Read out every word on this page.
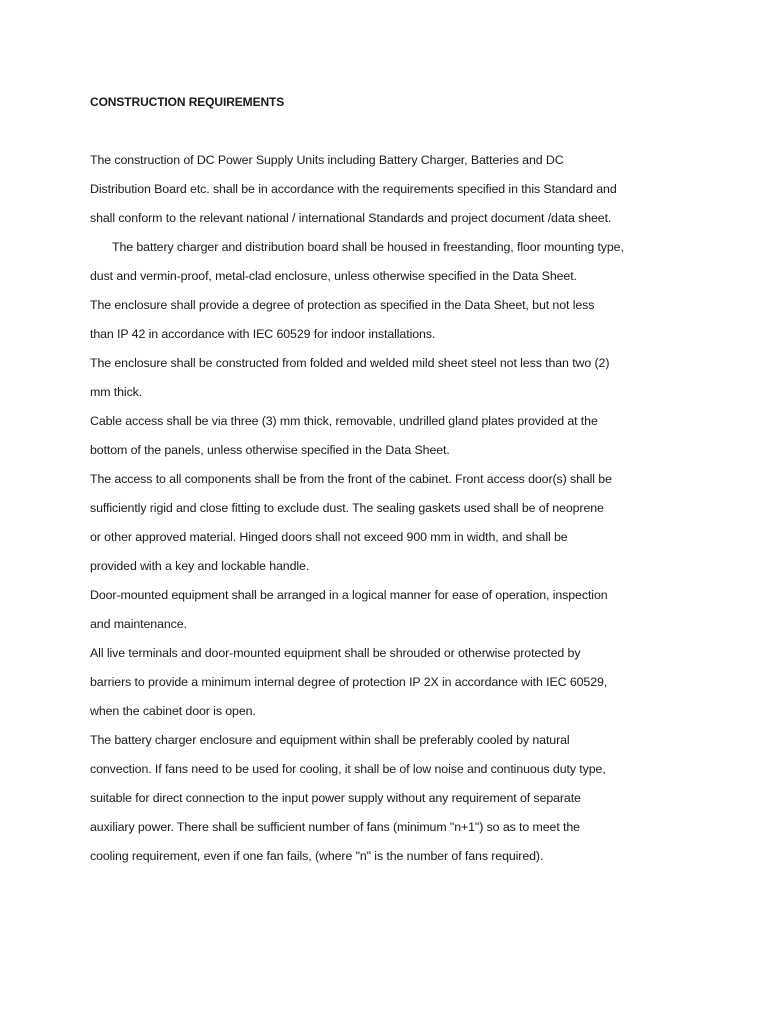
CONSTRUCTION REQUIREMENTS

The construction of DC Power Supply Units including Battery Charger, Batteries and DC
Distribution Board etc. shall be in accordance with the requirements specified in this Standard and
shall conform to the relevant national / international Standards and project document /data sheet.

The battery charger and distribution board shall be housed in freestanding, floor mounting type,
dust and vermin-proof, metal-clad enclosure, unless otherwise specified in the Data Sheet.

The enclosure shall provide a degree of protection as specified in the Data Sheet, but not less
than IP 42 in accordance with IEC 60529 for indoor installations.

The enclosure shall be constructed from folded and welded mild sheet steel not less than two (2)
mm thick.

Cable access shall be via three (3) mm thick, removable, undrilled gland plates provided at the
bottom of the panels, unless otherwise specified in the Data Sheet.

The access to all components shall be from the front of the cabinet. Front access door(s) shall be
sufficiently rigid and close fitting to exclude dust. The sealing gaskets used shall be of neoprene
or other approved material. Hinged doors shall not exceed 900 mm in width, and shall be
provided with a key and lockable handle.

Door-mounted equipment shall be arranged in a logical manner for ease of operation, inspection
and maintenance.

All live terminals and door-mounted equipment shall be shrouded or otherwise protected by
barriers to provide a minimum internal degree of protection IP 2X in accordance with IEC 60529,
when the cabinet door is open.

The battery charger enclosure and equipment within shall be preferably cooled by natural
convection. If fans need to be used for cooling, it shall be of low noise and continuous duty type,
suitable for direct connection to the input power supply without any requirement of separate
auxiliary power. There shall be sufficient number of fans (minimum "n+1") so as to meet the
cooling requirement, even if one fan fails, (where "n" is the number of fans required).
